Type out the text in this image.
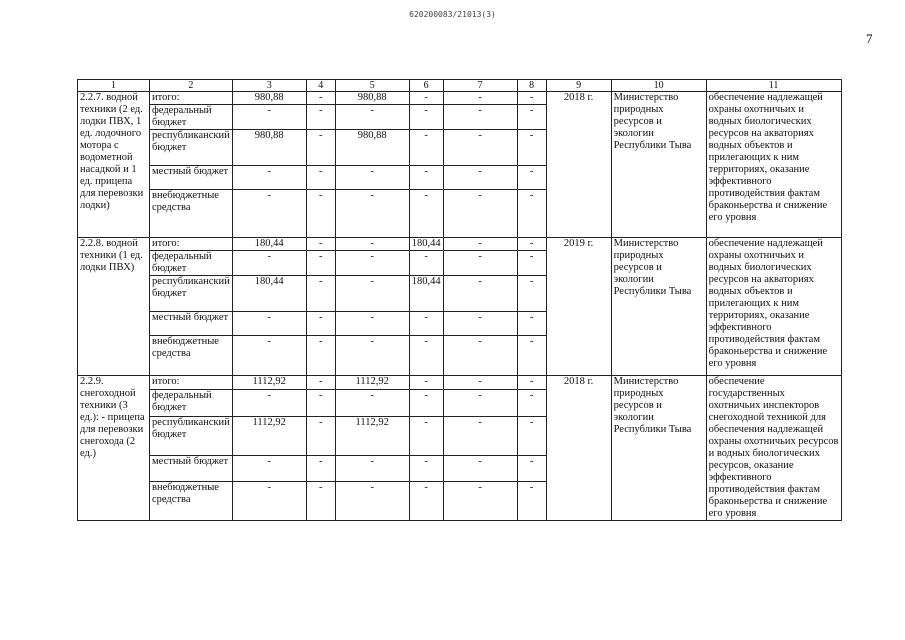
620200083/21013(3)
7
1	2	3	4	5	6	7	8	9	10	11
2.2.7. водной техники (2 ед. лодки ПВХ, 1 ед. лодочного мотора с водометной насадкой и 1 ед. прицепа для перевозки лодки)	итого:	980,88	-	980,88	-	-	-	2018 г.	Министерство природных ресурсов и экологии Республики Тыва	обеспечение надлежащей охраны охотничьих и водных биологических ресурсов на акваториях водных объектов и прилегающих к ним территориях, оказание эффективного противодействия фактам браконьерства и снижение его уровня
	федеральный бюджет	-	-	-	-	-	-			
	республиканский бюджет	980,88	-	980,88	-	-	-			
	местный бюджет	-	-	-	-	-	-			
	внебюджетные средства	-	-	-	-	-	-			
2.2.8. водной техники (1 ед. лодки ПВХ)	итого:	180,44	-	-	180,44	-	-	2019 г.	Министерство природных ресурсов и экологии Республики Тыва	обеспечение надлежащей охраны охотничьих и водных биологических ресурсов на акваториях водных объектов и прилегающих к ним территориях, оказание эффективного противодействия фактам браконьерства и снижение его уровня
	федеральный бюджет	-	-	-	-	-	-			
	республиканский бюджет	180,44	-	-	180,44	-	-			
	местный бюджет	-	-	-	-	-	-			
	внебюджетные средства	-	-	-	-	-	-			
2.2.9. снегоходной техники (3 ед.): - прицепа для перевозки снегохода (2 ед.)	итого:	1112,92	-	1112,92	-	-	-	2018 г.	Министерство природных ресурсов и экологии Республики Тыва	обеспечение государственных охотничьих инспекторов снегоходной техникой для обеспечения надлежащей охраны охотничьих ресурсов и водных биологических ресурсов, оказание эффективного противодействия фактам браконьерства и снижение его уровня
	федеральный бюджет	-	-	-	-	-	-			
	республиканский бюджет	1112,92	-	1112,92	-	-	-			
	местный бюджет	-	-	-	-	-	-			
	внебюджетные средства	-	-	-	-	-	-			
